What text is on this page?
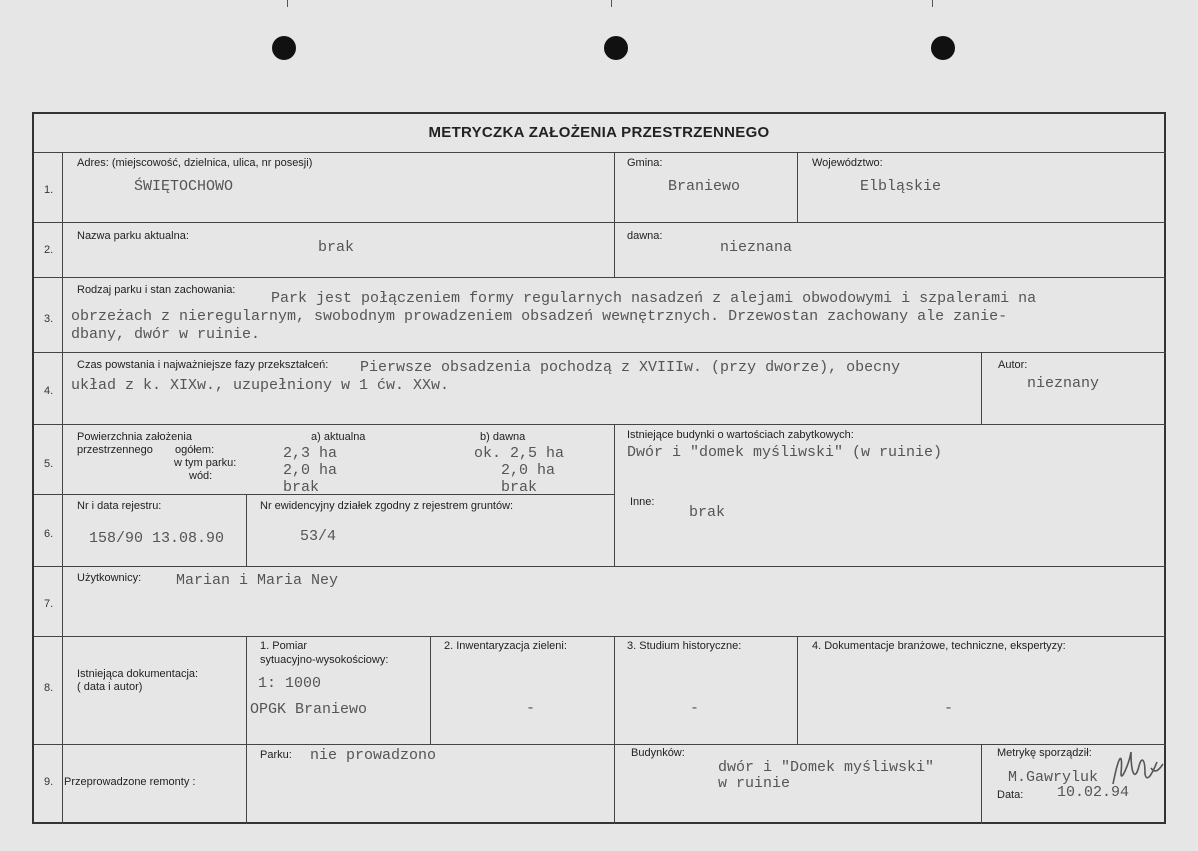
METRYCZKA ZAŁOŻENIA PRZESTRZENNEGO
1.
2.
3.
4.
5.
6.
7.
8.
9.
Adres: (miejscowość, dzielnica, ulica, nr posesji)
ŚWIĘTOCHOWO
Gmina:
Braniewo
Województwo:
Elbląskie
Nazwa parku aktualna:
brak
dawna:
nieznana
Rodzaj parku i stan zachowania: Park jest połączeniem formy regularnych nasadzeń z alejami obwodowymi i szpalerami na
obrzeżach z nieregularnym, swobodnym prowadzeniem obsadzeń wewnętrznych. Drzewostan zachowany ale zanie-
dbany, dwór w ruinie.
Czas powstania i najważniejsze fazy przekształceń: Pierwsze obsadzenia pochodzą z XVIIIw. (przy dworze), obecny
układ z k. XIXw., uzupełniony w 1 ćw. XXw.
Autor:
nieznany
Powierzchnia założenia
przestrzennego ogółem:
w tym parku:
wód:
a) aktualna	b) dawna
2,3 ha
2,0 ha
brak
ok. 2,5 ha
2,0 ha
brak
Istniejące budynki o wartościach zabytkowych:
Dwór i "domek myśliwski" (w ruinie)
Nr i data rejestru:
158/90 13.08.90
Nr ewidencyjny działek zgodny z rejestrem gruntów:
53/4
Inne:
brak
Użytkownicy: Marian i Maria Ney
Istniejąca dokumentacja:
( data i autor)
1. Pomiar
sytuacyjno-wysokościowy:
1: 1000
OPGK Braniewo
2. Inwentaryzacja zieleni:
-
3. Studium historyczne:
-
4. Dokumentacje branżowe, techniczne, ekspertyzy:
-
Przeprowadzone remonty :
Parku: nie prowadzono	Budynków:
dwór i "Domek myśliwski"
w ruinie
Metrykę sporządził:
M.Gawryluk
Data: 10.02.94
